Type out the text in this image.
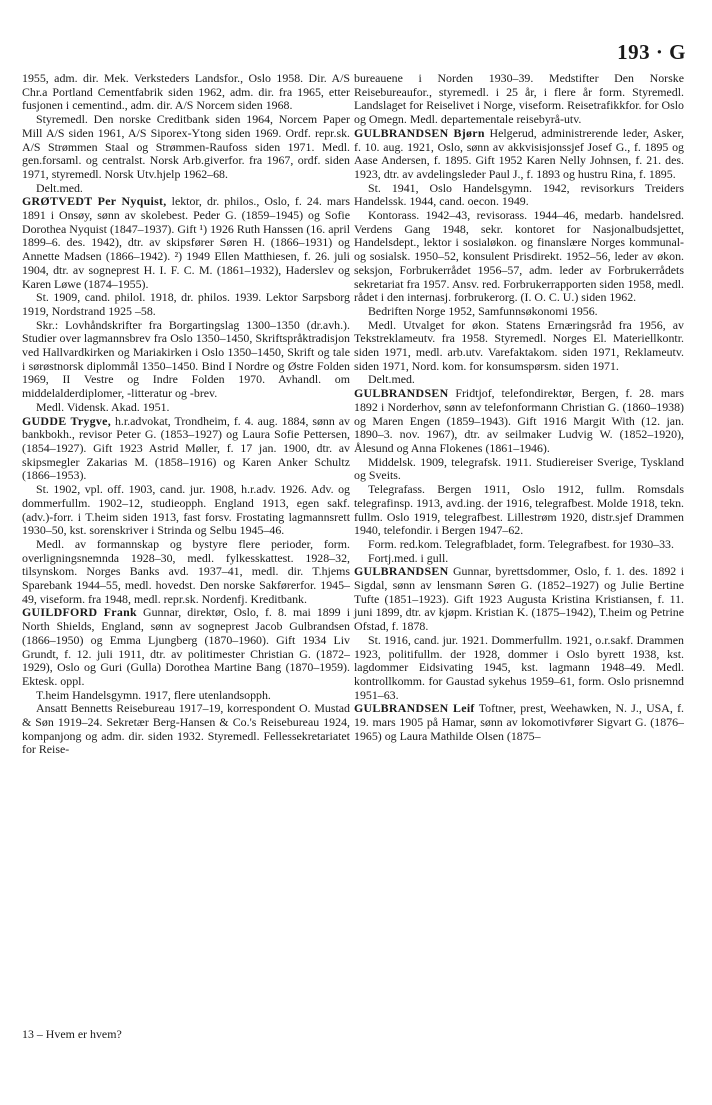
193 · G

1955, adm. dir. Mek. Verksteders Landsfor., Oslo 1958. Dir. A/S Chr.a Portland Cementfabrik siden 1962, adm. dir. fra 1965, etter fusjonen i cementind., adm. dir. A/S Norcem siden 1968.

Styremedl. Den norske Creditbank siden 1964, Norcem Paper Mill A/S siden 1961, A/S Siporex-Ytong siden 1969. Ordf. repr.sk. A/S Strømmen Staal og Strømmen-Raufoss siden 1971. Medl. gen.forsaml. og centralst. Norsk Arb.giverfor. fra 1967, ordf. siden 1971, styremedl. Norsk Utv.hjelp 1962–68.

Delt.med.

GRØTVEDT Per Nyquist, lektor, dr. philos., Oslo, f. 24. mars 1891 i Onsøy, sønn av skolebest. Peder G. (1859–1945) og Sofie Dorothea Nyquist (1847–1937). Gift ¹) 1926 Ruth Hanssen (16. april 1899–6. des. 1942), dtr. av skipsfører Søren H. (1866–1931) og Annette Madsen (1866–1942). ²) 1949 Ellen Matthiesen, f. 26. juli 1904, dtr. av sogneprest H. I. F. C. M. (1861–1932), Haderslev og Karen Løwe (1874–1955).

St. 1909, cand. philol. 1918, dr. philos. 1939. Lektor Sarpsborg 1919, Nordstrand 1925 –58.

Skr.: Lovhåndskrifter fra Borgartingslag 1300–1350 (dr.avh.). Studier over lagmannsbrev fra Oslo 1350–1450, Skriftspråktradisjon ved Hallvardkirken og Mariakirken i Oslo 1350–1450, Skrift og tale i sørøstnorsk diplommål 1350–1450. Bind I Nordre og Østre Folden 1969, II Vestre og Indre Folden 1970. Avhandl. om middelalderdiplomer, -litteratur og -brev.

Medl. Vidensk. Akad. 1951.

GUDDE Trygve, h.r.advokat, Trondheim, f. 4. aug. 1884, sønn av bankbokh., revisor Peter G. (1853–1927) og Laura Sofie Pettersen, (1854–1927). Gift 1923 Astrid Møller, f. 17 jan. 1900, dtr. av skipsmegler Zakarias M. (1858–1916) og Karen Anker Schultz (1866–1953).

St. 1902, vpl. off. 1903, cand. jur. 1908, h.r.adv. 1926. Adv. og dommerfullm. 1902–12, studieopph. England 1913, egen sakf.(adv.)-forr. i T.heim siden 1913, fast forsv. Frostating lagmannsrett 1930–50, kst. sorenskriver i Strinda og Selbu 1945–46.

Medl. av formannskap og bystyre flere perioder, form. overligningsnemnda 1928–30, medl. fylkesskattest. 1928–32, tilsynskom. Norges Banks avd. 1937–41, medl. dir. T.hjems Sparebank 1944–55, medl. hovedst. Den norske Sakførerfor. 1945–49, viseform. fra 1948, medl. repr.sk. Nordenfj. Kreditbank.

GUILDFORD Frank Gunnar, direktør, Oslo, f. 8. mai 1899 i North Shields, England, sønn av sogneprest Jacob Gulbrandsen (1866–1950) og Emma Ljungberg (1870–1960). Gift 1934 Liv Grundt, f. 12. juli 1911, dtr. av politimester Christian G. (1872–1929), Oslo og Guri (Gulla) Dorothea Martine Bang (1870–1959). Ektesk. oppl.

T.heim Handelsgymn. 1917, flere utenlandsopph.

Ansatt Bennetts Reisebureau 1917–19, korrespondent O. Mustad & Søn 1919–24. Sekretær Berg-Hansen & Co.'s Reisebureau 1924, kompanjong og adm. dir. siden 1932. Styremedl. Fellessekretariatet for Reise-

bureauene i Norden 1930–39. Medstifter Den Norske Reisebureaufor., styremedl. i 25 år, i flere år form. Styremedl. Landslaget for Reiselivet i Norge, viseform. Reisetrafikkfor. for Oslo og Omegn. Medl. departementale reisebyrå-utv.

GULBRANDSEN Bjørn Helgerud, administrerende leder, Asker, f. 10. aug. 1921, Oslo, sønn av akkvisisjonssjef Josef G., f. 1895 og Aase Andersen, f. 1895. Gift 1952 Karen Nelly Johnsen, f. 21. des. 1923, dtr. av avdelingsleder Paul J., f. 1893 og hustru Rina, f. 1895.

St. 1941, Oslo Handelsgymn. 1942, revisorkurs Treiders Handelssk. 1944, cand. oecon. 1949.

Kontorass. 1942–43, revisorass. 1944–46, medarb. handelsred. Verdens Gang 1948, sekr. kontoret for Nasjonalbudsjettet, Handelsdept., lektor i sosialøkon. og finanslære Norges kommunal- og sosialsk. 1950–52, konsulent Prisdirekt. 1952–56, leder av økon. seksjon, Forbrukerrådet 1956–57, adm. leder av Forbrukerrådets sekretariat fra 1957. Ansv. red. Forbrukerrapporten siden 1958, medl. rådet i den internasj. forbrukerorg. (I. O. C. U.) siden 1962.

Bedriften Norge 1952, Samfunnsøkonomi 1956.

Medl. Utvalget for økon. Statens Ernæringsråd fra 1956, av Tekstreklameutv. fra 1958. Styremedl. Norges El. Materiellkontr. siden 1971, medl. arb.utv. Varefaktakom. siden 1971, Reklameutv. siden 1971, Nord. kom. for konsumspørsm. siden 1971.

Delt.med.

GULBRANDSEN Fridtjof, telefondirektør, Bergen, f. 28. mars 1892 i Norderhov, sønn av telefonformann Christian G. (1860–1938) og Maren Engen (1859–1943). Gift 1916 Margit With (12. jan. 1890–3. nov. 1967), dtr. av seilmaker Ludvig W. (1852–1920), Ålesund og Anna Flokenes (1861–1946).

Middelsk. 1909, telegrafsk. 1911. Studiereiser Sverige, Tyskland og Sveits.

Telegrafass. Bergen 1911, Oslo 1912, fullm. Romsdals telegrafinsp. 1913, avd.ing. der 1916, telegrafbest. Molde 1918, tekn. fullm. Oslo 1919, telegrafbest. Lillestrøm 1920, distr.sjef Drammen 1940, telefondir. i Bergen 1947–62.

Form. red.kom. Telegrafbladet, form. Telegrafbest. for 1930–33.

Fortj.med. i gull.

GULBRANDSEN Gunnar, byrettsdommer, Oslo, f. 1. des. 1892 i Sigdal, sønn av lensmann Søren G. (1852–1927) og Julie Bertine Tufte (1851–1923). Gift 1923 Augusta Kristina Kristiansen, f. 11. juni 1899, dtr. av kjøpm. Kristian K. (1875–1942), T.heim og Petrine Ofstad, f. 1878.

St. 1916, cand. jur. 1921. Dommerfullm. 1921, o.r.sakf. Drammen 1923, politifullm. der 1928, dommer i Oslo byrett 1938, kst. lagdommer Eidsivating 1945, kst. lagmann 1948–49. Medl. kontrollkomm. for Gaustad sykehus 1959–61, form. Oslo prisnemnd 1951–63.

GULBRANDSEN Leif Toftner, prest, Weehawken, N. J., USA, f. 19. mars 1905 på Hamar, sønn av lokomotivfører Sigvart G. (1876–1965) og Laura Mathilde Olsen (1875–

13 – Hvem er hvem?
